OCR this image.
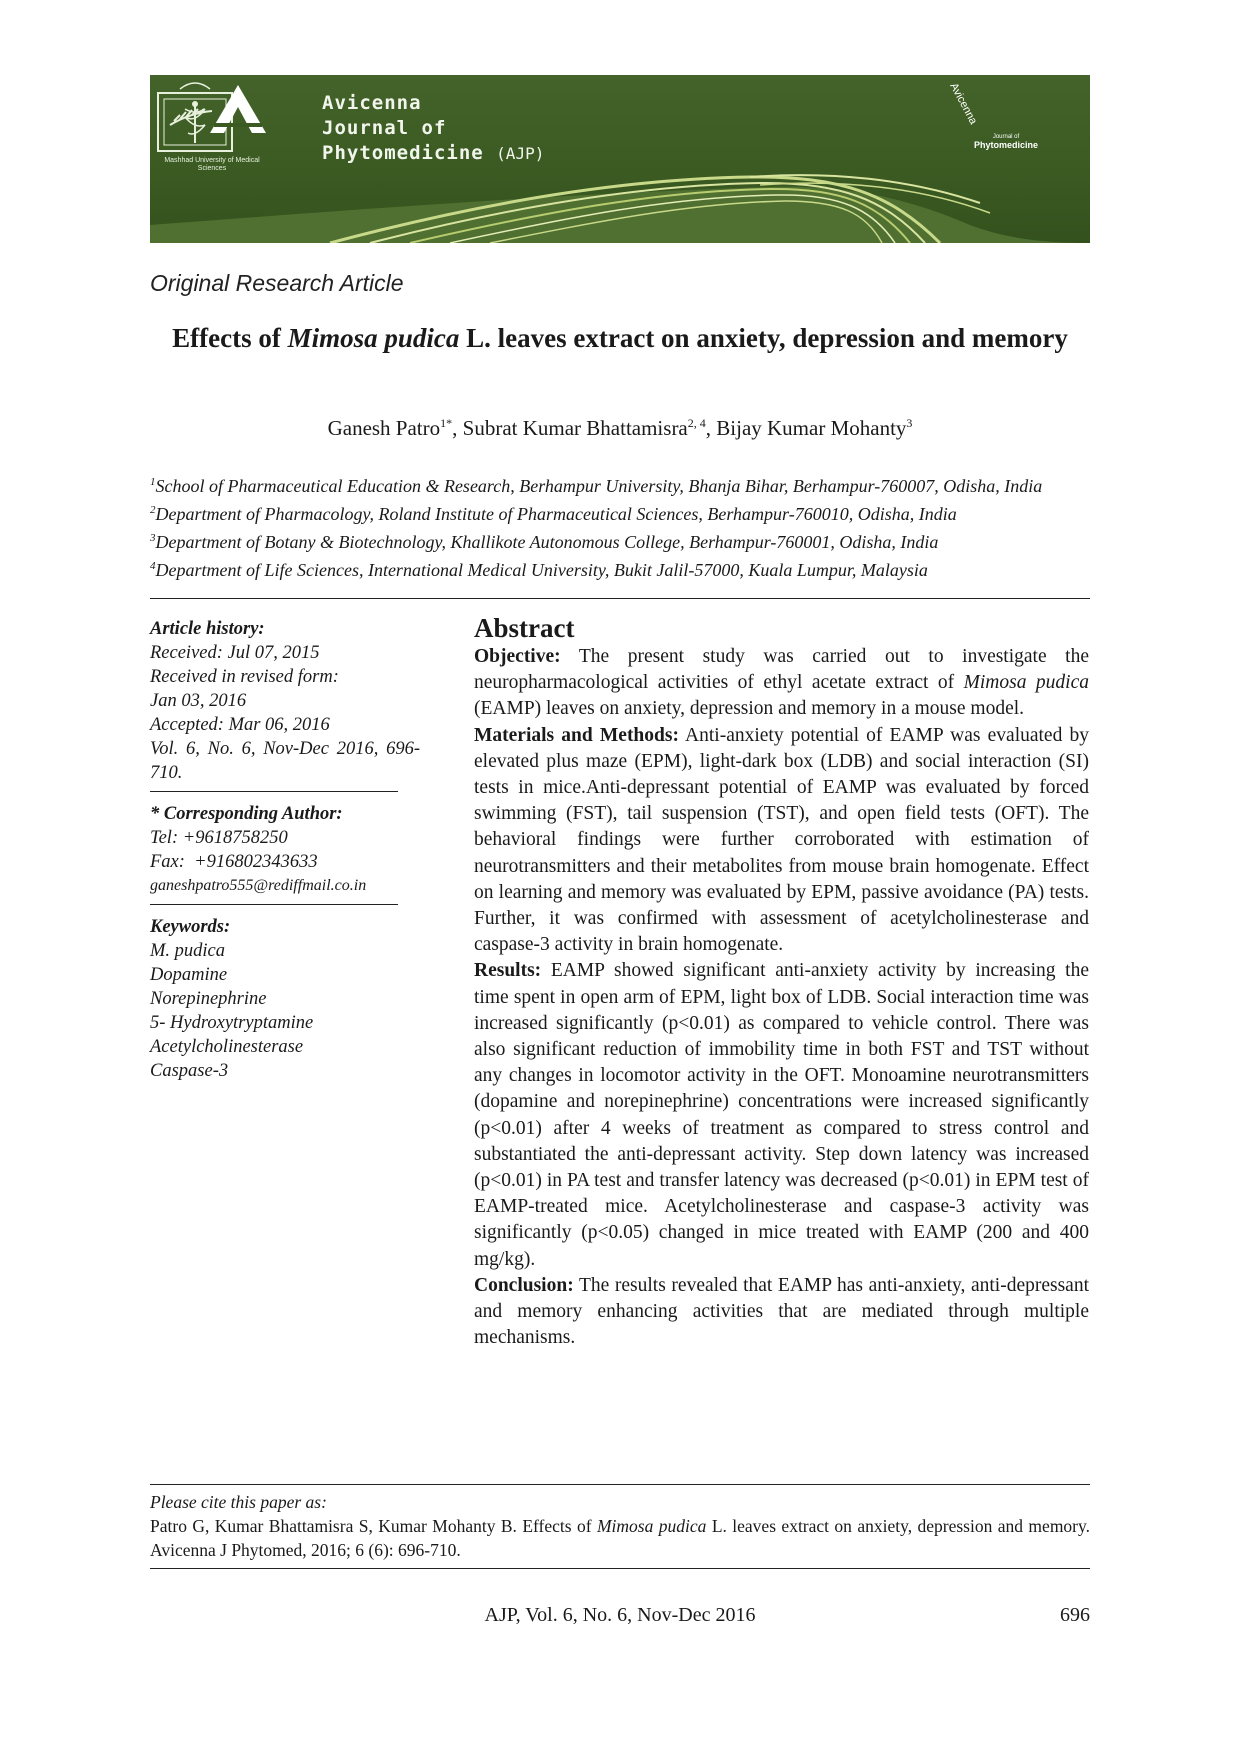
Mashhad University of Medical Sciences
Avicenna
Journal of
Phytomedicine (AJP)
Avicenna
Journal of
Phytomedicine
Original Research Article
Effects of Mimosa pudica L. leaves extract on anxiety, depression and memory
Ganesh Patro$^{1*}$, Subrat Kumar Bhattamisra$^{2, 4}$, Bijay Kumar Mohanty$^3$
$^1$School of Pharmaceutical Education & Research, Berhampur University, Bhanja Bihar, Berhampur-760007, Odisha, India
$^2$Department of Pharmacology, Roland Institute of Pharmaceutical Sciences, Berhampur-760010, Odisha, India
$^3$Department of Botany & Biotechnology, Khallikote Autonomous College, Berhampur-760001, Odisha, India
$^4$Department of Life Sciences, International Medical University, Bukit Jalil-57000, Kuala Lumpur, Malaysia
Article history:
Received: Jul 07, 2015
Received in revised form:
Jan 03, 2016
Accepted: Mar 06, 2016
Vol. 6, No. 6, Nov-Dec 2016, 696-710.
* Corresponding Author:
Tel: +9618758250
Fax:  +916802343633
ganeshpatro555@rediffmail.co.in
Keywords:
M. pudica
Dopamine
Norepinephrine
5- Hydroxytryptamine
Acetylcholinesterase
Caspase-3
Abstract

Objective: The present study was carried out to investigate the neuropharmacological activities of ethyl acetate extract of Mimosa pudica (EAMP) leaves on anxiety, depression and memory in a mouse model.

Materials and Methods: Anti-anxiety potential of EAMP was evaluated by elevated plus maze (EPM), light-dark box (LDB) and social interaction (SI) tests in mice.Anti-depressant potential of EAMP was evaluated by forced swimming (FST), tail suspension (TST), and open field tests (OFT). The behavioral findings were further corroborated with estimation of neurotransmitters and their metabolites from mouse brain homogenate. Effect on learning and memory was evaluated by EPM, passive avoidance (PA) tests. Further, it was confirmed with assessment of acetylcholinesterase and caspase-3 activity in brain homogenate.

Results: EAMP showed significant anti-anxiety activity by increasing the time spent in open arm of EPM, light box of LDB. Social interaction time was increased significantly (p<0.01) as compared to vehicle control. There was also significant reduction of immobility time in both FST and TST without any changes in locomotor activity in the OFT. Monoamine neurotransmitters (dopamine and norepinephrine) concentrations were increased significantly (p<0.01) after 4 weeks of treatment as compared to stress control and substantiated the anti-depressant activity. Step down latency was increased (p<0.01) in PA test and transfer latency was decreased (p<0.01) in EPM test of EAMP-treated mice. Acetylcholinesterase and caspase-3 activity was significantly (p<0.05) changed in mice treated with EAMP (200 and 400 mg/kg).

Conclusion: The results revealed that EAMP has anti-anxiety, anti-depressant and memory enhancing activities that are mediated through multiple mechanisms.

Please cite this paper as:
Patro G, Kumar Bhattamisra S, Kumar Mohanty B. Effects of Mimosa pudica L. leaves extract on anxiety, depression and memory. Avicenna J Phytomed, 2016; 6 (6): 696-710.
AJP, Vol. 6, No. 6, Nov-Dec 2016	696
